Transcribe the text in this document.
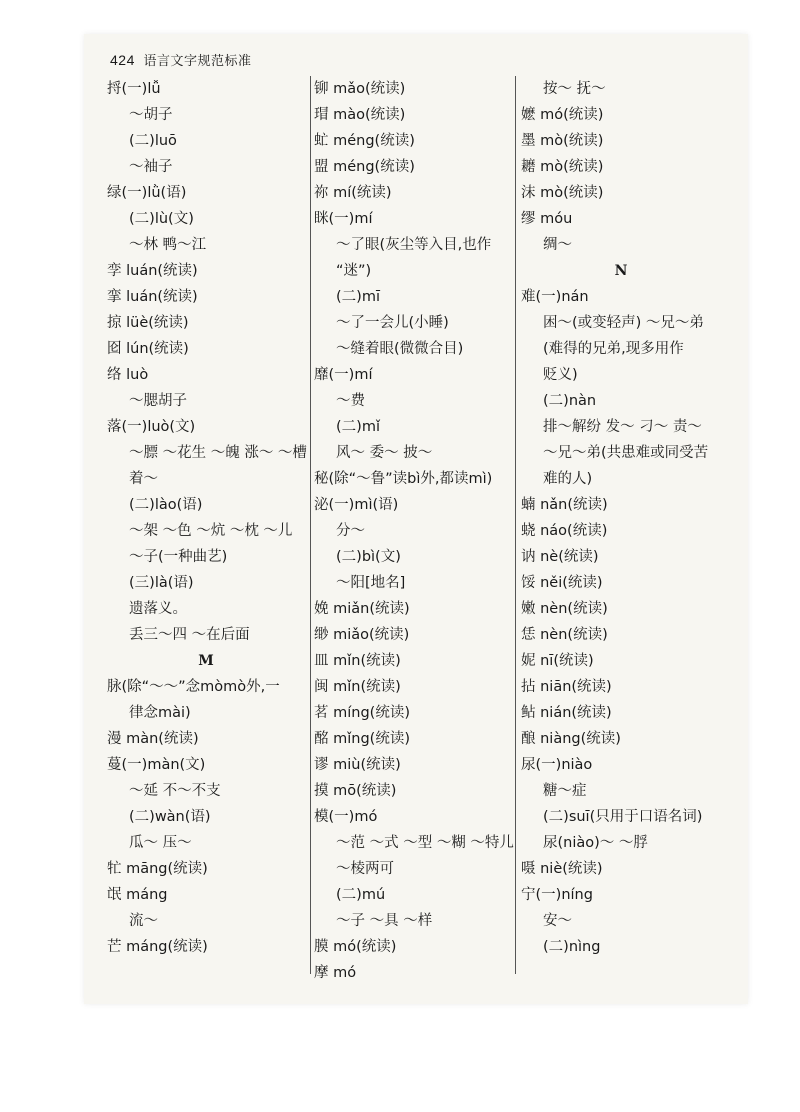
424 语言文字规范标准
捋(一)lǚ
～胡子
(二)luō
～袖子
绿(一)lǜ(语)
(二)lù(文)
～林 鸭～江
孪 luán(统读)
挛 luán(统读)
掠 lüè(统读)
囵 lún(统读)
络 luò
～腮胡子
落(一)luò(文)
～膘 ～花生 ～魄 涨～ ～槽
着～
(二)lào(语)
～架 ～色 ～炕 ～枕 ～儿
～子(一种曲艺)
(三)là(语)
遗落义。
丢三～四 ～在后面
M
脉(除“～～”念mòmò外,一
律念mài)
漫 màn(统读)
蔓(一)màn(文)
～延 不～不支
(二)wàn(语)
瓜～ 压～
牤 māng(统读)
氓 máng
流～
芒 máng(统读)
铆 mǎo(统读)
瑁 mào(统读)
虻 méng(统读)
盟 méng(统读)
祢 mí(统读)
眯(一)mí
～了眼(灰尘等入目,也作
“迷”)
(二)mī
～了一会儿(小睡)
～缝着眼(微微合目)
靡(一)mí
～费
(二)mǐ
风～ 委～ 披～
秘(除“～鲁”读bì外,都读mì)
泌(一)mì(语)
分～
(二)bì(文)
～阳[地名]
娩 miǎn(统读)
缈 miǎo(统读)
皿 mǐn(统读)
闽 mǐn(统读)
茗 míng(统读)
酩 mǐng(统读)
谬 miù(统读)
摸 mō(统读)
模(一)mó
～范 ～式 ～型 ～糊 ～特儿
～棱两可
(二)mú
～子 ～具 ～样
膜 mó(统读)
摩 mó
按～ 抚～
嬷 mó(统读)
墨 mò(统读)
耱 mò(统读)
沫 mò(统读)
缪 móu
绸～
N
难(一)nán
困～(或变轻声) ～兄～弟
(难得的兄弟,现多用作
贬义)
(二)nàn
排～解纷 发～ 刁～ 责～
～兄～弟(共患难或同受苦
难的人)
蝻 nǎn(统读)
蛲 náo(统读)
讷 nè(统读)
馁 něi(统读)
嫩 nèn(统读)
恁 nèn(统读)
妮 nī(统读)
拈 niān(统读)
鲇 nián(统读)
酿 niàng(统读)
尿(一)niào
糖～症
(二)suī(只用于口语名词)
尿(niào)～ ～脬
嗫 niè(统读)
宁(一)níng
安～
(二)nìng
